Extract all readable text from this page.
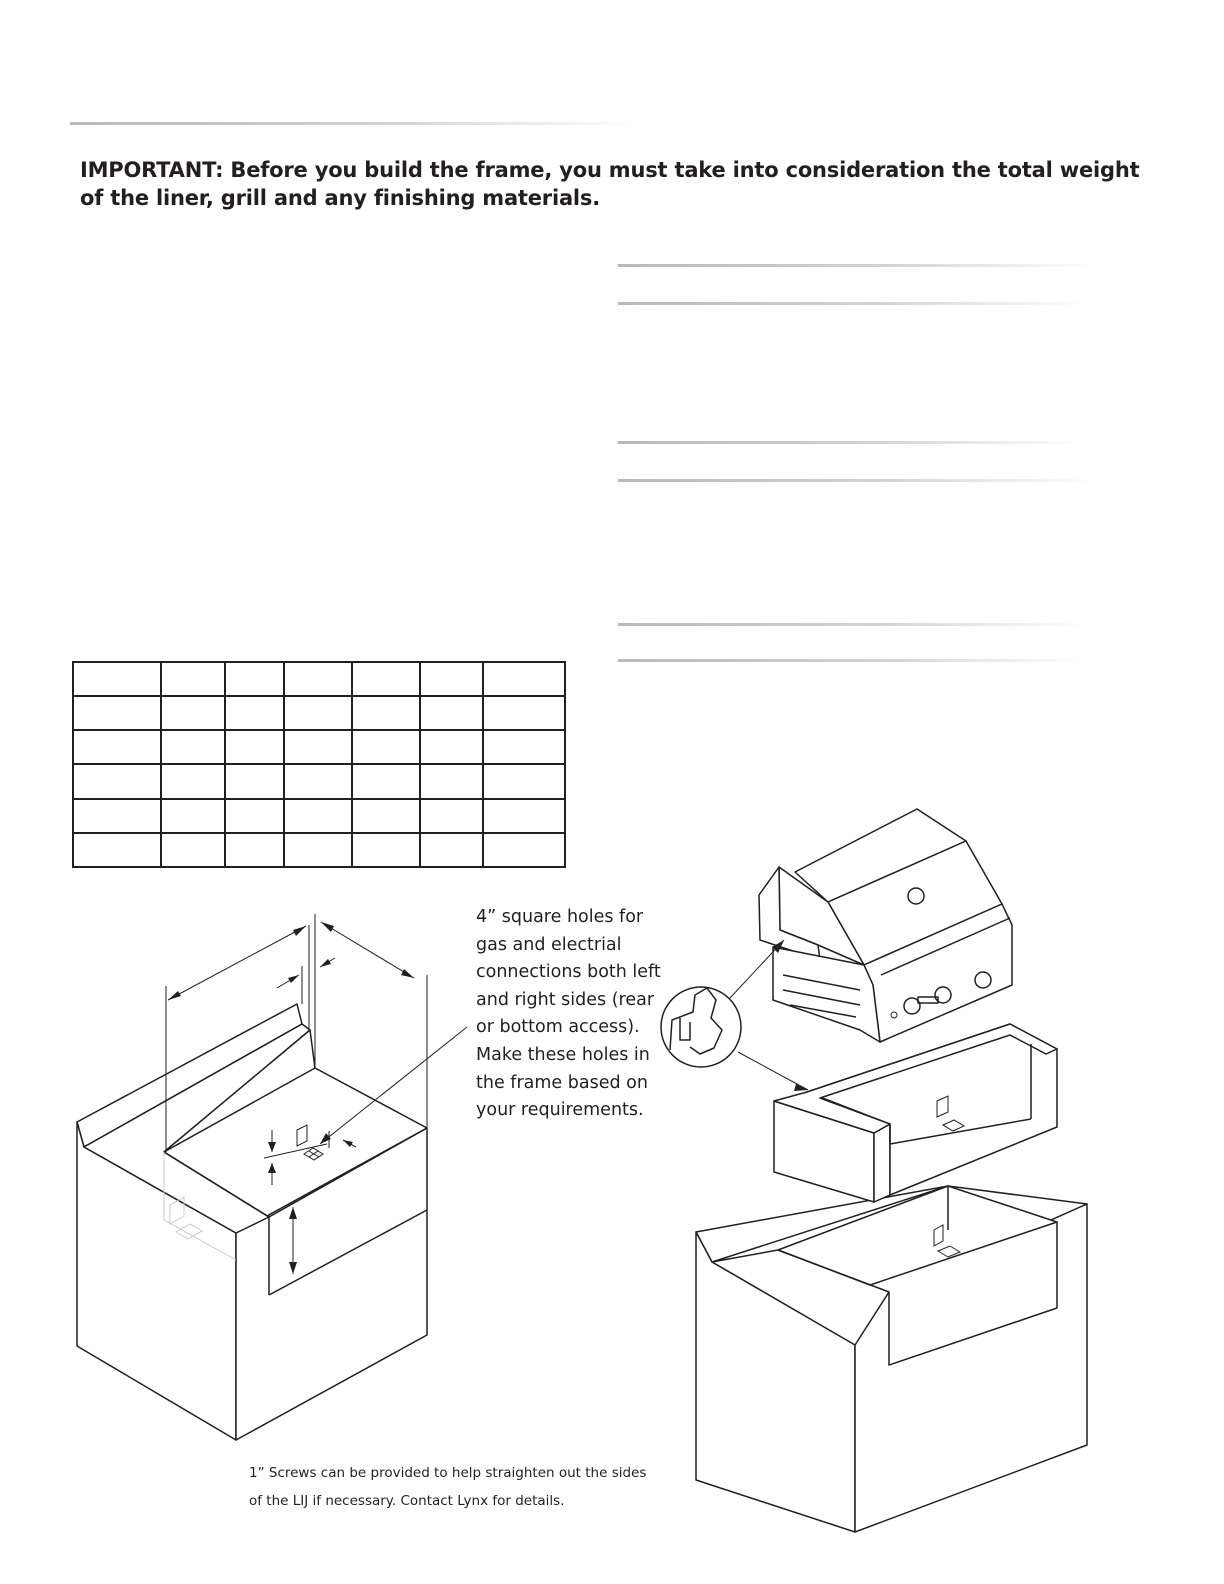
IMPORTANT: Before you build the frame, you must take into consideration the total weight of the liner, grill and any finishing materials.

4” square holes for gas and electrial connections both left and right sides (rear or bottom access). Make these holes in the frame based on your requirements.

1” Screws can be provided to help straighten out the sides of the LIJ if necessary. Contact Lynx for details.
